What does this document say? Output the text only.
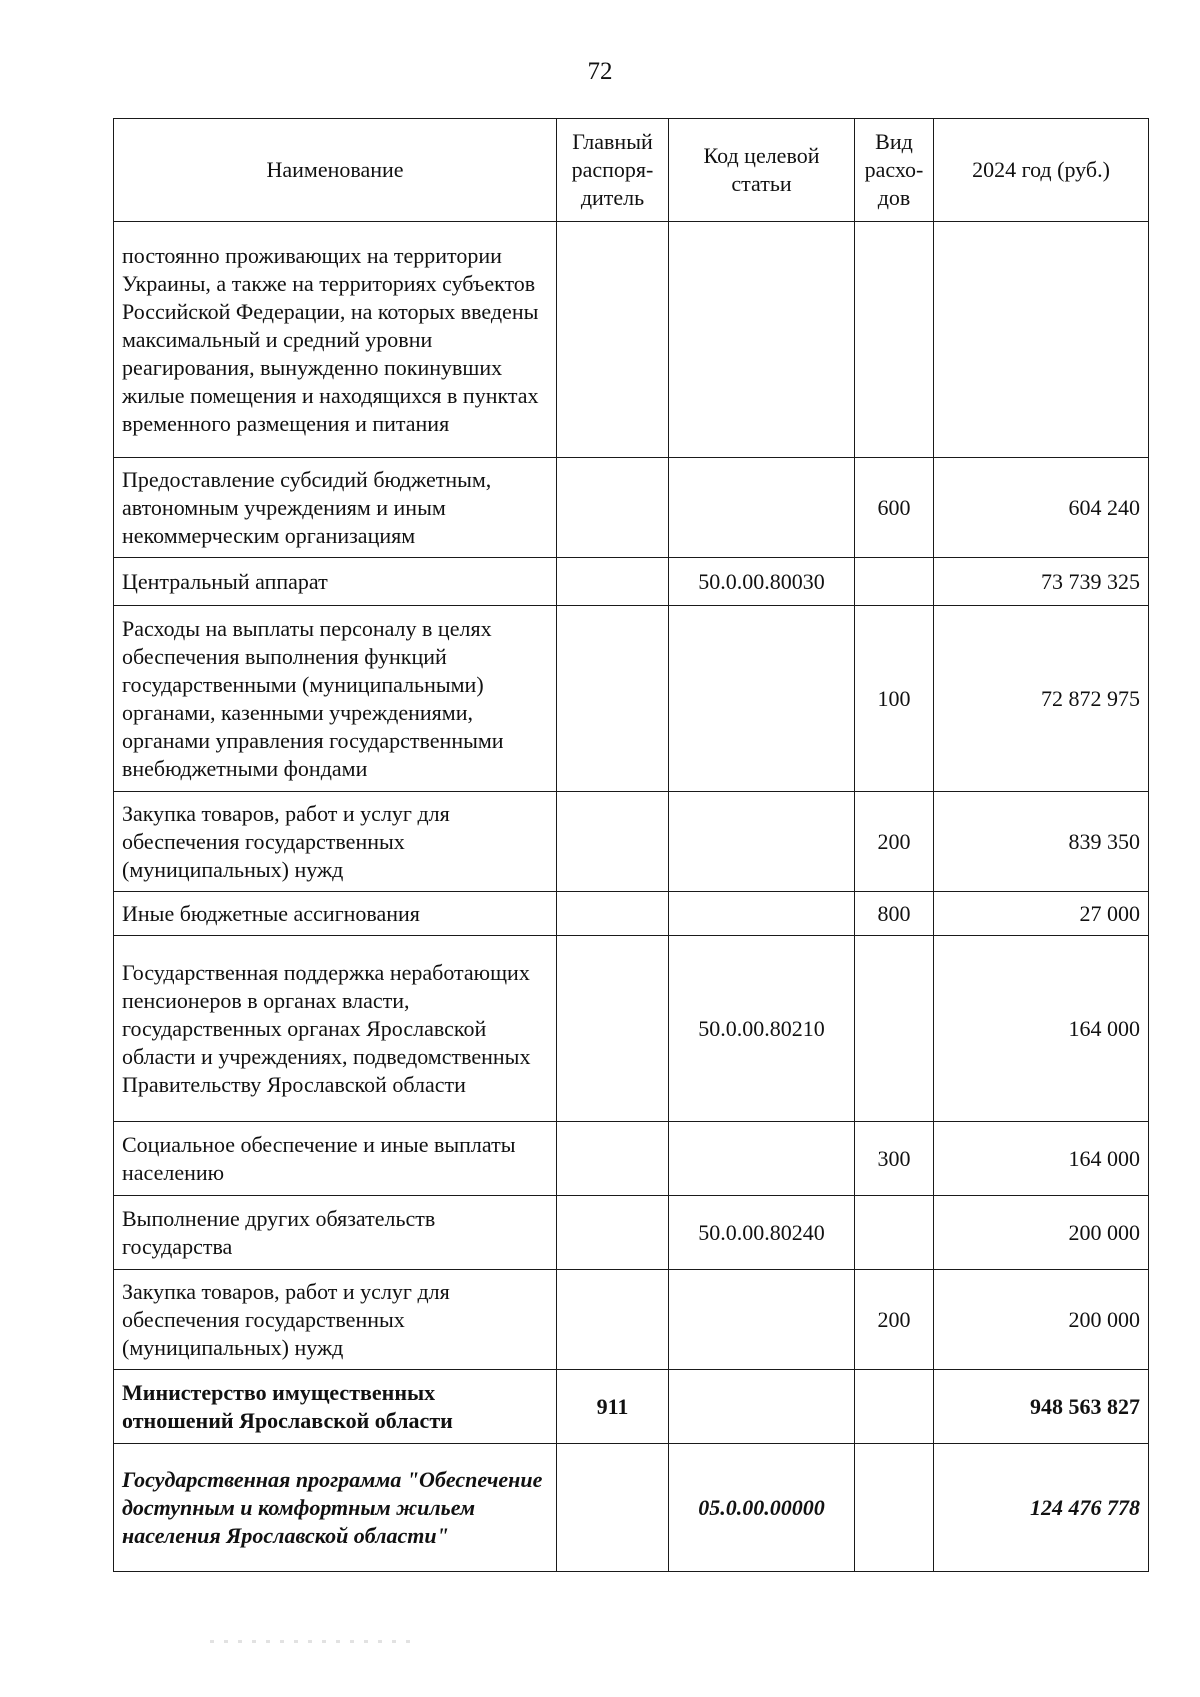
72
Наименование	Главный распоря-дитель	Код целевой статьи	Вид расхо-дов	2024 год (руб.)
постоянно проживающих на территории Украины, а также на территориях субъектов Российской Федерации, на которых введены максимальный и средний уровни реагирования, вынужденно покинувших жилые помещения и находящихся в пунктах временного размещения и питания				
Предоставление субсидий бюджетным, автономным учреждениям и иным некоммерческим организациям			600	604 240
Центральный аппарат		50.0.00.80030		73 739 325
Расходы на выплаты персоналу в целях обеспечения выполнения функций государственными (муниципальными) органами, казенными учреждениями, органами управления государственными внебюджетными фондами			100	72 872 975
Закупка товаров, работ и услуг для обеспечения государственных (муниципальных) нужд			200	839 350
Иные бюджетные ассигнования			800	27 000
Государственная поддержка неработающих пенсионеров в органах власти, государственных органах Ярославской области и учреждениях, подведомственных Правительству Ярославской области		50.0.00.80210		164 000
Социальное обеспечение и иные выплаты населению			300	164 000
Выполнение других обязательств государства		50.0.00.80240		200 000
Закупка товаров, работ и услуг для обеспечения государственных (муниципальных) нужд			200	200 000
Министерство имущественных отношений Ярославской области	911			948 563 827
Государственная программа "Обеспечение доступным и комфортным жильем населения Ярославской области"		05.0.00.00000		124 476 778
